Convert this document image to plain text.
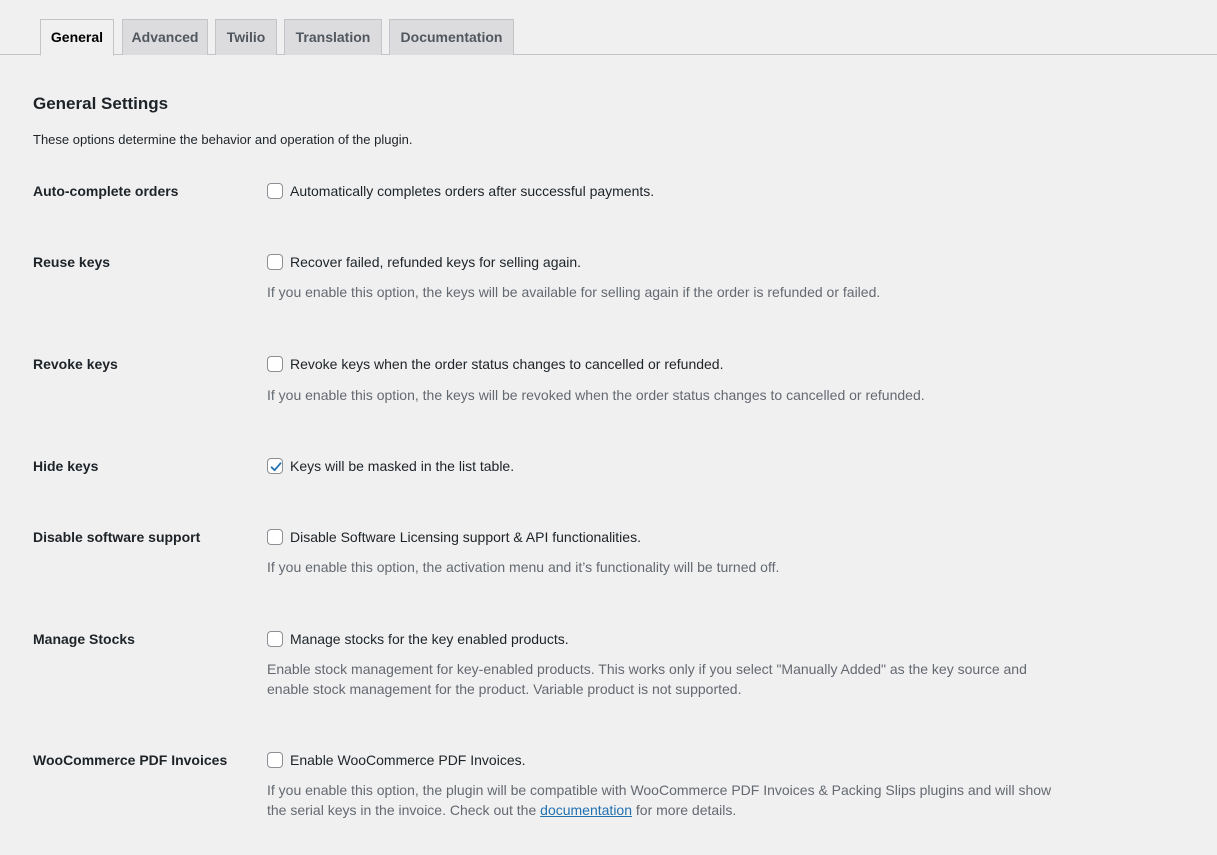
General	Advanced	Twilio	Translation	Documentation
General Settings

These options determine the behavior and operation of the plugin.

Auto-complete orders	Automatically completes orders after successful payments.
Reuse keys	Recover failed, refunded keys for selling again.
If you enable this option, the keys will be available for selling again if the order is refunded or failed.
Revoke keys	Revoke keys when the order status changes to cancelled or refunded.
If you enable this option, the keys will be revoked when the order status changes to cancelled or refunded.
Hide keys	Keys will be masked in the list table.
Disable software support	Disable Software Licensing support & API functionalities.
If you enable this option, the activation menu and it’s functionality will be turned off.
Manage Stocks	Manage stocks for the key enabled products.
Enable stock management for key-enabled products. This works only if you select "Manually Added" as the key source and
enable stock management for the product. Variable product is not supported.
WooCommerce PDF Invoices	Enable WooCommerce PDF Invoices.
If you enable this option, the plugin will be compatible with WooCommerce PDF Invoices & Packing Slips plugins and will show
the serial keys in the invoice. Check out the documentation for more details.
